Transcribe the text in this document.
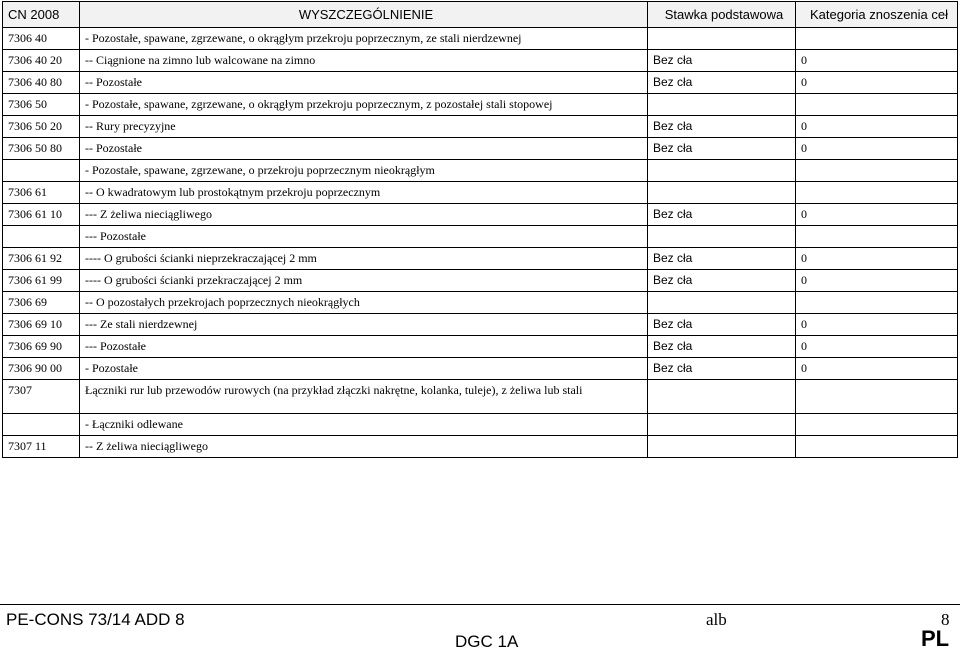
CN 2008	WYSZCZEGÓLNIENIE	Stawka podstawowa	Kategoria znoszenia ceł
7306 40	- Pozostałe, spawane, zgrzewane, o okrągłym przekroju poprzecznym, ze stali nierdzewnej		
7306 40 20	-- Ciągnione na zimno lub walcowane na zimno	Bez cła	0
7306 40 80	-- Pozostałe	Bez cła	0
7306 50	- Pozostałe, spawane, zgrzewane, o okrągłym przekroju poprzecznym, z pozostałej stali stopowej		
7306 50 20	-- Rury precyzyjne	Bez cła	0
7306 50 80	-- Pozostałe	Bez cła	0
	- Pozostałe, spawane, zgrzewane, o przekroju poprzecznym nieokrągłym		
7306 61	-- O kwadratowym lub prostokątnym przekroju poprzecznym		
7306 61 10	--- Z żeliwa nieciągliwego	Bez cła	0
	--- Pozostałe		
7306 61 92	---- O grubości ścianki nieprzekraczającej 2 mm	Bez cła	0
7306 61 99	---- O grubości ścianki przekraczającej 2 mm	Bez cła	0
7306 69	-- O pozostałych przekrojach poprzecznych nieokrągłych		
7306 69 10	--- Ze stali nierdzewnej	Bez cła	0
7306 69 90	--- Pozostałe	Bez cła	0
7306 90 00	- Pozostałe	Bez cła	0
7307	Łączniki rur lub przewodów rurowych (na przykład złączki nakrętne, kolanka, tuleje), z żeliwa lub stali		
	- Łączniki odlewane		
7307 11	-- Z żeliwa nieciągliwego		
PE-CONS 73/14 ADD 8	alb	8
DGC 1A	PL
